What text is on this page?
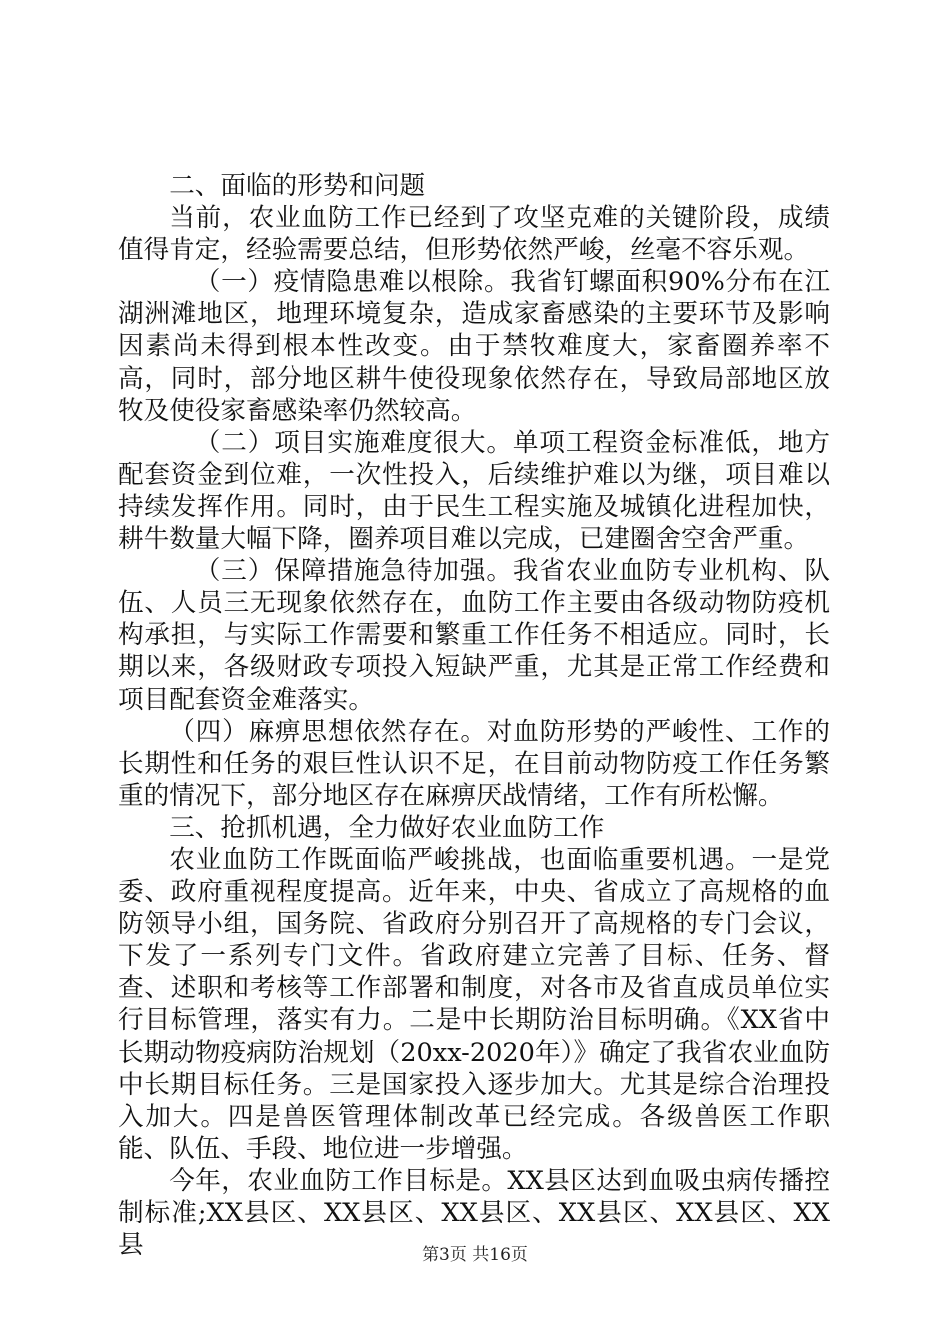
二、面临的形势和问题

当前，农业血防工作已经到了攻坚克难的关键阶段，成绩值得肯定，经验需要总结，但形势依然严峻，丝毫不容乐观。

（一）疫情隐患难以根除。我省钉螺面积90%分布在江湖洲滩地区，地理环境复杂，造成家畜感染的主要环节及影响因素尚未得到根本性改变。由于禁牧难度大，家畜圈养率不高，同时，部分地区耕牛使役现象依然存在，导致局部地区放牧及使役家畜感染率仍然较高。

（二）项目实施难度很大。单项工程资金标准低，地方配套资金到位难，一次性投入，后续维护难以为继，项目难以持续发挥作用。同时，由于民生工程实施及城镇化进程加快，耕牛数量大幅下降，圈养项目难以完成，已建圈舍空舍严重。

（三）保障措施急待加强。我省农业血防专业机构、队伍、人员三无现象依然存在，血防工作主要由各级动物防疫机构承担，与实际工作需要和繁重工作任务不相适应。同时，长期以来，各级财政专项投入短缺严重，尤其是正常工作经费和项目配套资金难落实。

（四）麻痹思想依然存在。对血防形势的严峻性、工作的长期性和任务的艰巨性认识不足，在目前动物防疫工作任务繁重的情况下，部分地区存在麻痹厌战情绪，工作有所松懈。

三、抢抓机遇，全力做好农业血防工作

农业血防工作既面临严峻挑战，也面临重要机遇。一是党委、政府重视程度提高。近年来，中央、省成立了高规格的血防领导小组，国务院、省政府分别召开了高规格的专门会议，下发了一系列专门文件。省政府建立完善了目标、任务、督查、述职和考核等工作部署和制度，对各市及省直成员单位实行目标管理，落实有力。二是中长期防治目标明确。《XX省中长期动物疫病防治规划（20xx-2020年）》确定了我省农业血防中长期目标任务。三是国家投入逐步加大。尤其是综合治理投入加大。四是兽医管理体制改革已经完成。各级兽医工作职能、队伍、手段、地位进一步增强。

今年，农业血防工作目标是。XX县区达到血吸虫病传播控制标准;XX县区、XX县区、XX县区、XX县区、XX县区、XX县	第3页 共16页
